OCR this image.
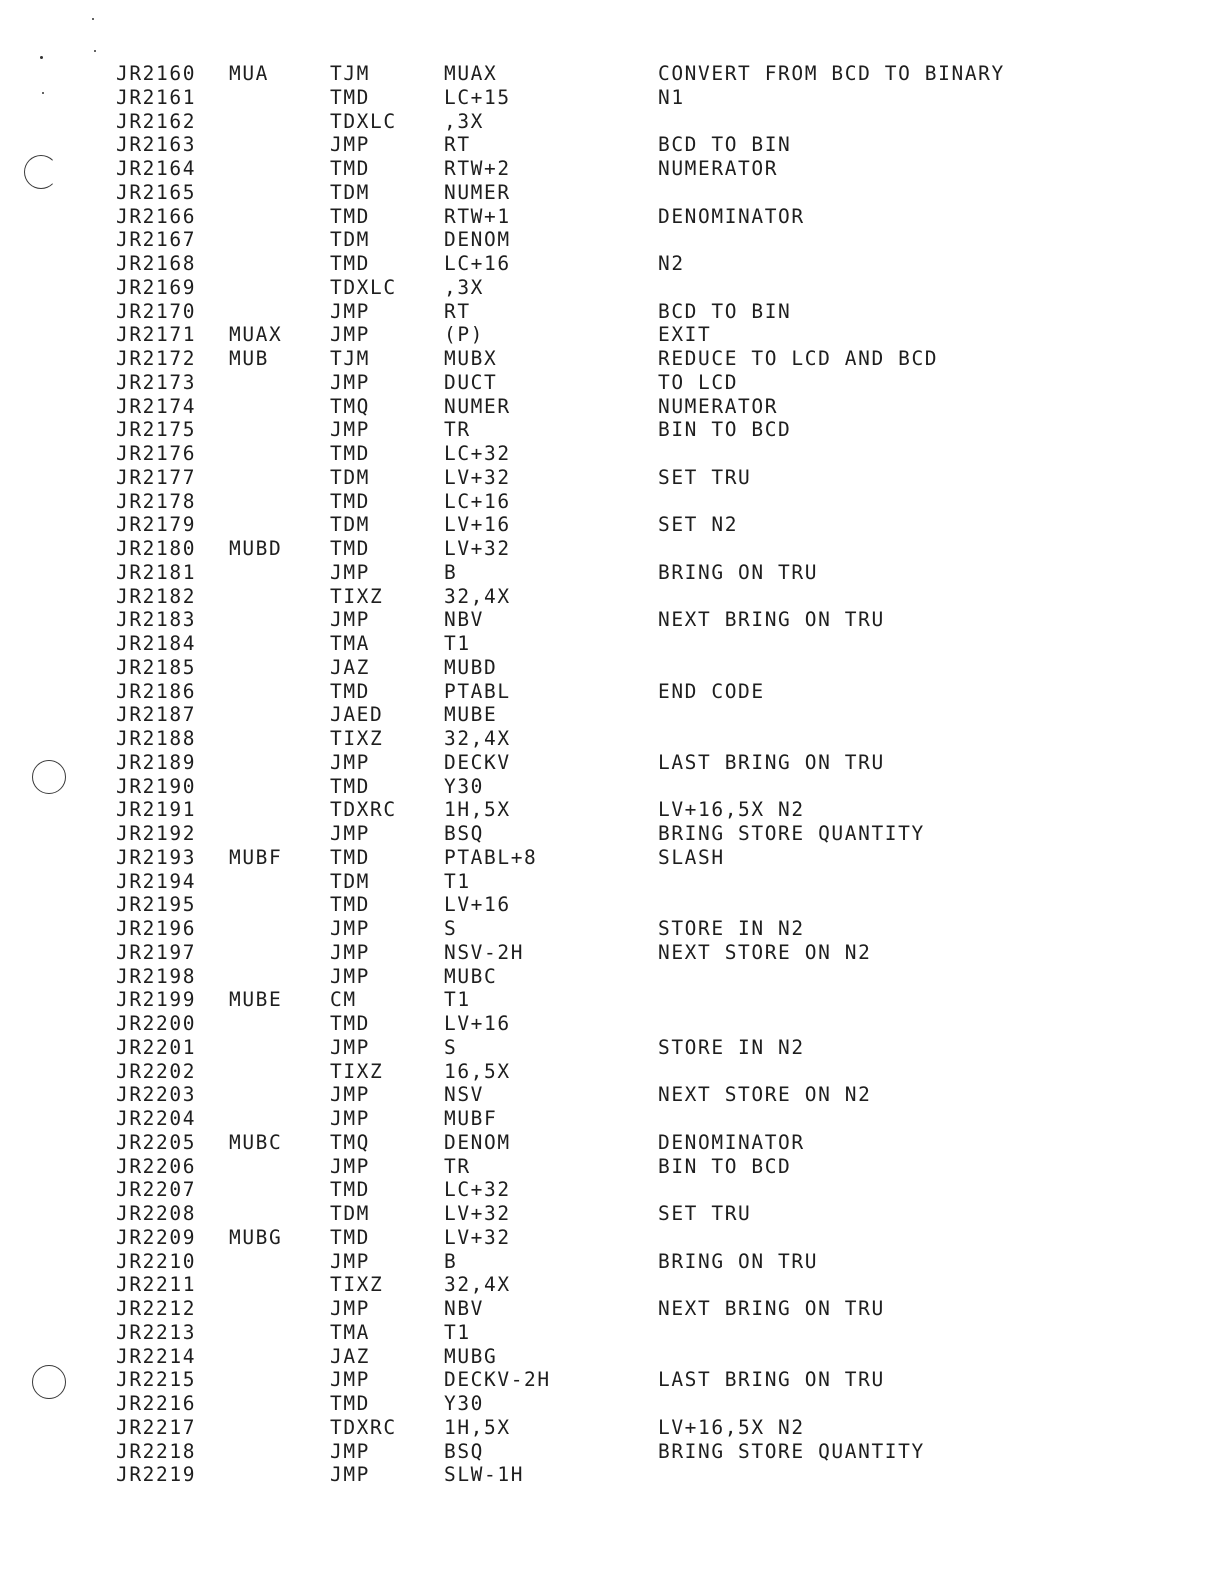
JR2160 MUA	TJM	MUAX	CONVERT FROM BCD TO BINARY
JR2161	TMD	LC+15	N1
JR2162	TDXLC ,3X
JR2163	JMP	RT	BCD TO BIN
JR2164	TMD	RTW+2	NUMERATOR
JR2165	TDM	NUMER
JR2166	TMD	RTW+1	DENOMINATOR
JR2167	TDM	DENOM
JR2168	TMD	LC+16	N2
JR2169	TDXLC ,3X
JR2170	JMP	RT	BCD TO BIN
JR2171 MUAX JMP	(P)	EXIT
JR2172 MUB	TJM	MUBX	REDUCE TO LCD AND BCD
JR2173	JMP	DUCT	TO LCD
JR2174	TMQ	NUMER	NUMERATOR
JR2175	JMP	TR	BIN TO BCD
JR2176	TMD	LC+32
JR2177	TDM	LV+32	SET TRU
JR2178	TMD	LC+16
JR2179	TDM	LV+16	SET N2
JR2180 MUBD TMD	LV+32
JR2181	JMP	B	BRING ON TRU
JR2182	TIXZ	32,4X
JR2183	JMP	NBV	NEXT BRING ON TRU
JR2184	TMA	T1
JR2185	JAZ	MUBD
JR2186	TMD	PTABL	END CODE
JR2187	JAED	MUBE
JR2188	TIXZ	32,4X
JR2189	JMP	DECKV	LAST BRING ON TRU
JR2190	TMD	Y30
JR2191	TDXRC 1H,5X	LV+16,5X N2
JR2192	JMP	BSQ	BRING STORE QUANTITY
JR2193 MUBF TMD	PTABL+8	SLASH
JR2194	TDM	T1
JR2195	TMD	LV+16
JR2196	JMP	S	STORE IN N2
JR2197	JMP	NSV-2H	NEXT STORE ON N2
JR2198	JMP	MUBC
JR2199 MUBE CM	T1
JR2200	TMD	LV+16
JR2201	JMP	S	STORE IN N2
JR2202	TIXZ	16,5X
JR2203	JMP	NSV	NEXT STORE ON N2
JR2204	JMP	MUBF
JR2205 MUBC TMQ	DENOM	DENOMINATOR
JR2206	JMP	TR	BIN TO BCD
JR2207	TMD	LC+32
JR2208	TDM	LV+32	SET TRU
JR2209 MUBG TMD	LV+32
JR2210	JMP	B	BRING ON TRU
JR2211	TIXZ	32,4X
JR2212	JMP	NBV	NEXT BRING ON TRU
JR2213	TMA	T1
JR2214	JAZ	MUBG
JR2215	JMP	DECKV-2H	LAST BRING ON TRU
JR2216	TMD	Y30
JR2217	TDXRC 1H,5X	LV+16,5X N2
JR2218	JMP	BSQ	BRING STORE QUANTITY
JR2219	JMP	SLW-1H
